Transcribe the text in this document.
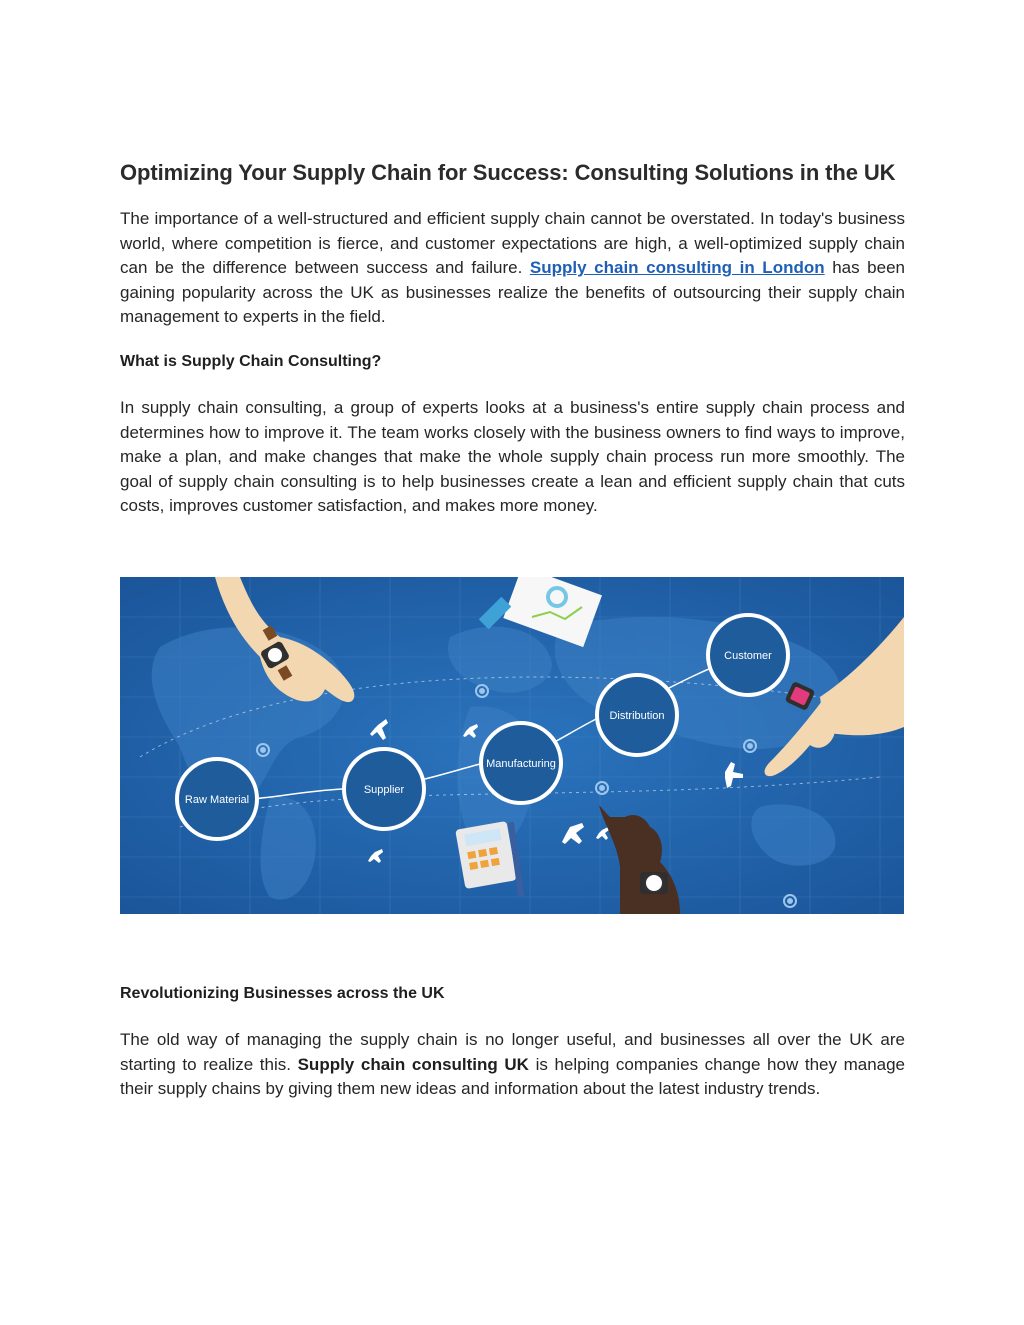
Optimizing Your Supply Chain for Success: Consulting Solutions in the UK

The importance of a well-structured and efficient supply chain cannot be overstated. In today's business world, where competition is fierce, and customer expectations are high, a well-optimized supply chain can be the difference between success and failure. Supply chain consulting in London has been gaining popularity across the UK as businesses realize the benefits of outsourcing their supply chain management to experts in the field.

What is Supply Chain Consulting?

In supply chain consulting, a group of experts looks at a business's entire supply chain process and determines how to improve it. The team works closely with the business owners to find ways to improve, make a plan, and make changes that make the whole supply chain process run more smoothly. The goal of supply chain consulting is to help businesses create a lean and efficient supply chain that cuts costs, improves customer satisfaction, and makes more money.

Raw Material
Supplier
Manufacturing
Distribution
Customer
Revolutionizing Businesses across the UK

The old way of managing the supply chain is no longer useful, and businesses all over the UK are starting to realize this. Supply chain consulting UK is helping companies change how they manage their supply chains by giving them new ideas and information about the latest industry trends.
